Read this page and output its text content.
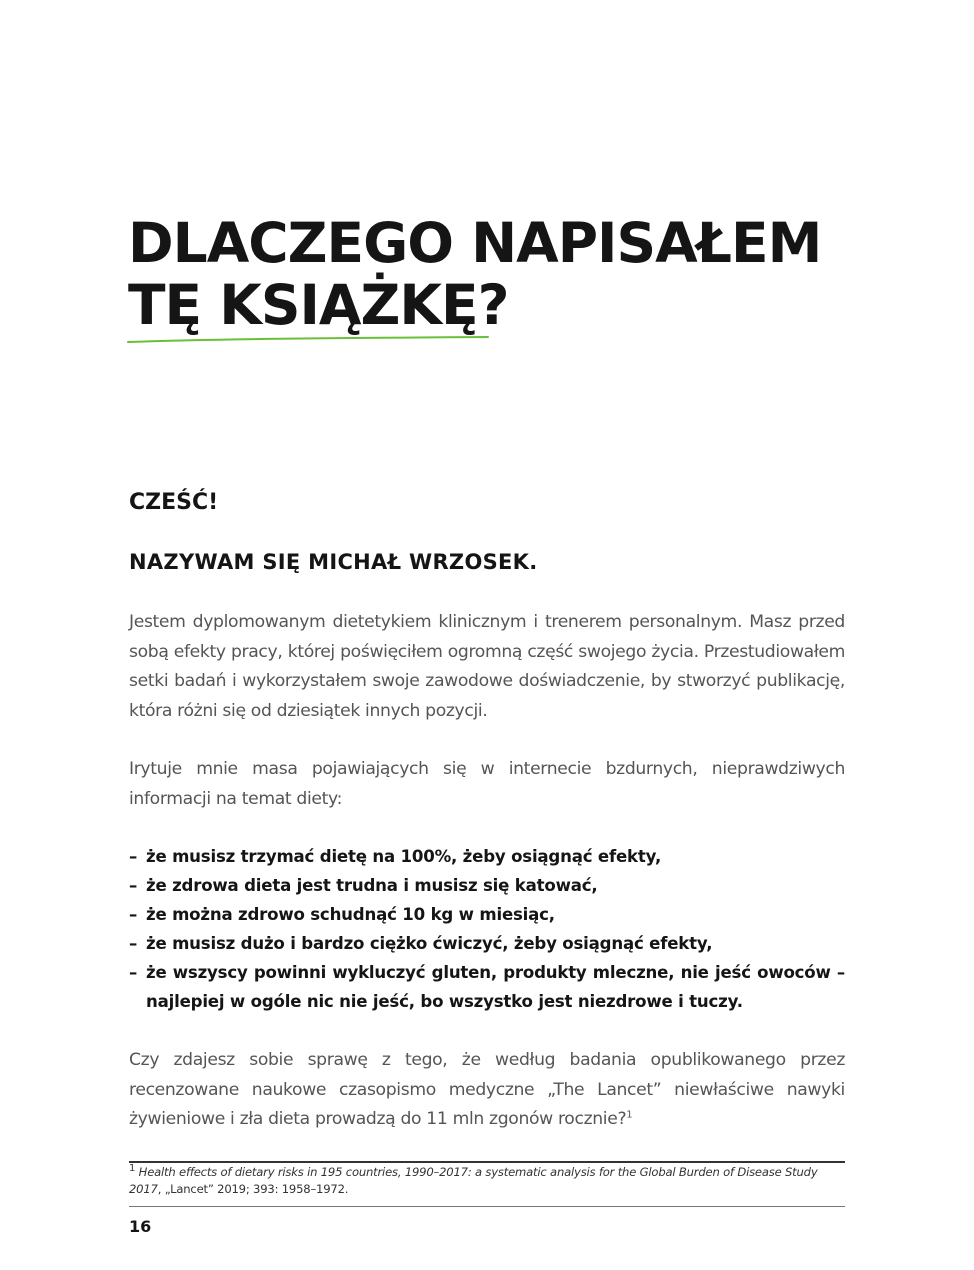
DLACZEGO NAPISAŁEM
TĘ KSIĄŻKĘ?
CZEŚĆ!
NAZYWAM SIĘ MICHAŁ WRZOSEK.

Jestem dyplomowanym dietetykiem klinicznym i trenerem personalnym. Masz przed sobą efekty pracy, której poświęciłem ogromną część swojego życia. Przestudiowałem setki badań i wykorzystałem swoje zawodowe doświadczenie, by stworzyć publikację, która różni się od dziesiątek innych pozycji.

Irytuje mnie masa pojawiających się w internecie bzdurnych, nieprawdziwych informacji na temat diety:

– że musisz trzymać dietę na 100%, żeby osiągnąć efekty,
– że zdrowa dieta jest trudna i musisz się katować,
– że można zdrowo schudnąć 10 kg w miesiąc,
– że musisz dużo i bardzo ciężko ćwiczyć, żeby osiągnąć efekty,
– że wszyscy powinni wykluczyć gluten, produkty mleczne, nie jeść owoców – najlepiej w ogóle nic nie jeść, bo wszystko jest niezdrowe i tuczy.

Czy zdajesz sobie sprawę z tego, że według badania opublikowanego przez recenzowane naukowe czasopismo medyczne „The Lancet” niewłaściwe nawyki żywieniowe i zła dieta prowadzą do 11 mln zgonów rocznie?$^1$

1 Health effects of dietary risks in 195 countries, 1990–2017: a systematic analysis for the Global Burden of Disease Study 2017, „Lancet” 2019; 393: 1958–1972.

16
